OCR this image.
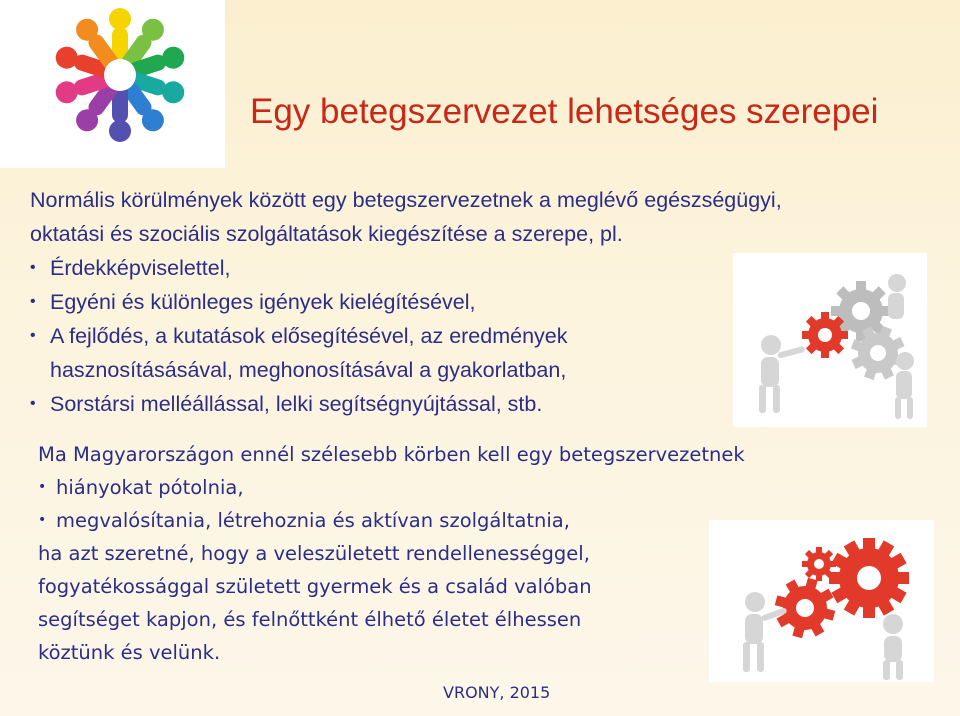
Egy betegszervezet lehetséges szerepei
Normális körülmények között egy betegszervezetnek a meglévő egészségügyi,
oktatási és szociális szolgáltatások kiegészítése a szerepe, pl.
• Érdekképviselettel,
• Egyéni és különleges igények kielégítésével,
• A fejlődés, a kutatások elősegítésével, az eredmények
hasznosításásával, meghonosításával a gyakorlatban,
• Sorstársi melléállással, lelki segítségnyújtással, stb.
Ma Magyarországon ennél szélesebb körben kell egy betegszervezetnek
• hiányokat pótolnia,
• megvalósítania, létrehoznia és aktívan szolgáltatnia,
ha azt szeretné, hogy a veleszületett rendellenességgel,
fogyatékossággal született gyermek és a család valóban
segítséget kapjon, és felnőttként élhető életet élhessen
köztünk és velünk.
VRONY, 2015
